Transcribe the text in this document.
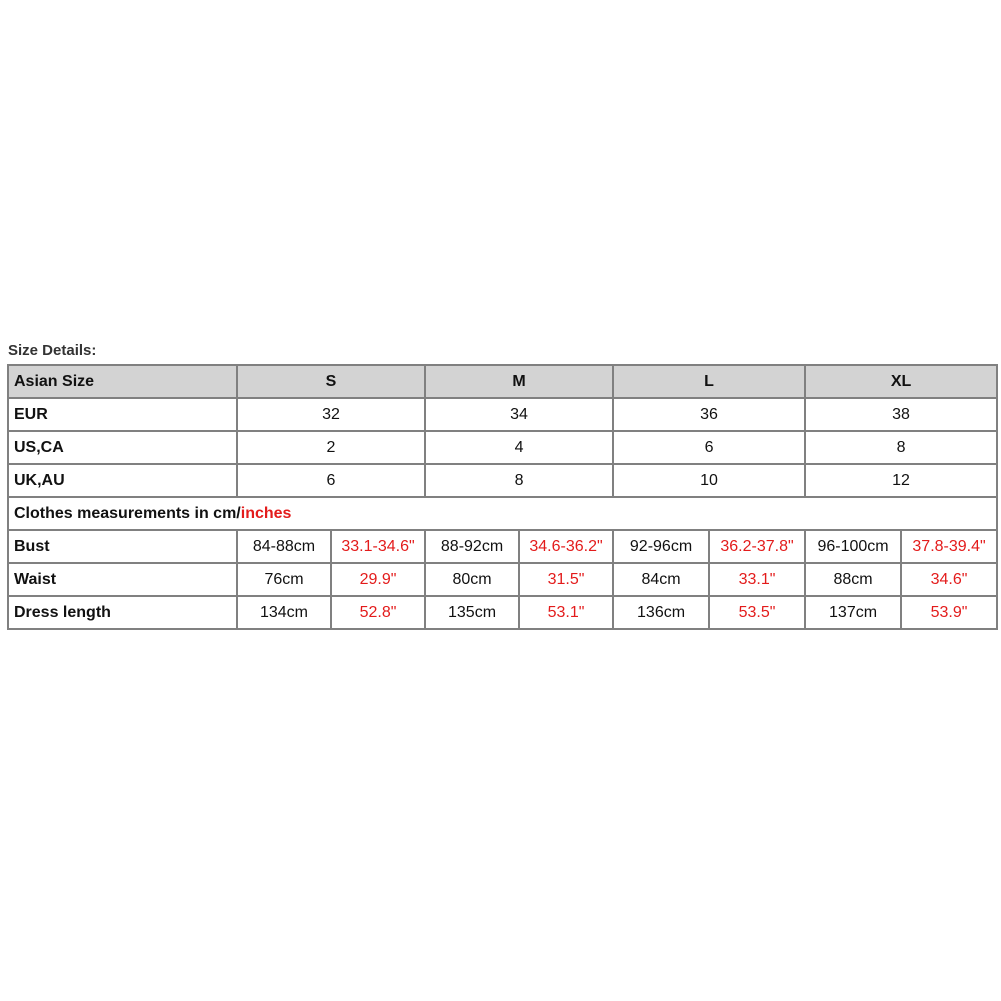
Size Details:
Asian Size	S		M		L		XL	
EUR	32		34		36		38	
US,CA	2		4		6		8	
UK,AU	6		8		10		12	
Clothes measurements in cm/inches								
Bust	84-88cm	33.1-34.6"	88-92cm	34.6-36.2"	92-96cm	36.2-37.8"	96-100cm	37.8-39.4"
Waist	76cm	29.9"	80cm	31.5"	84cm	33.1"	88cm	34.6"
Dress length	134cm	52.8"	135cm	53.1"	136cm	53.5"	137cm	53.9"
